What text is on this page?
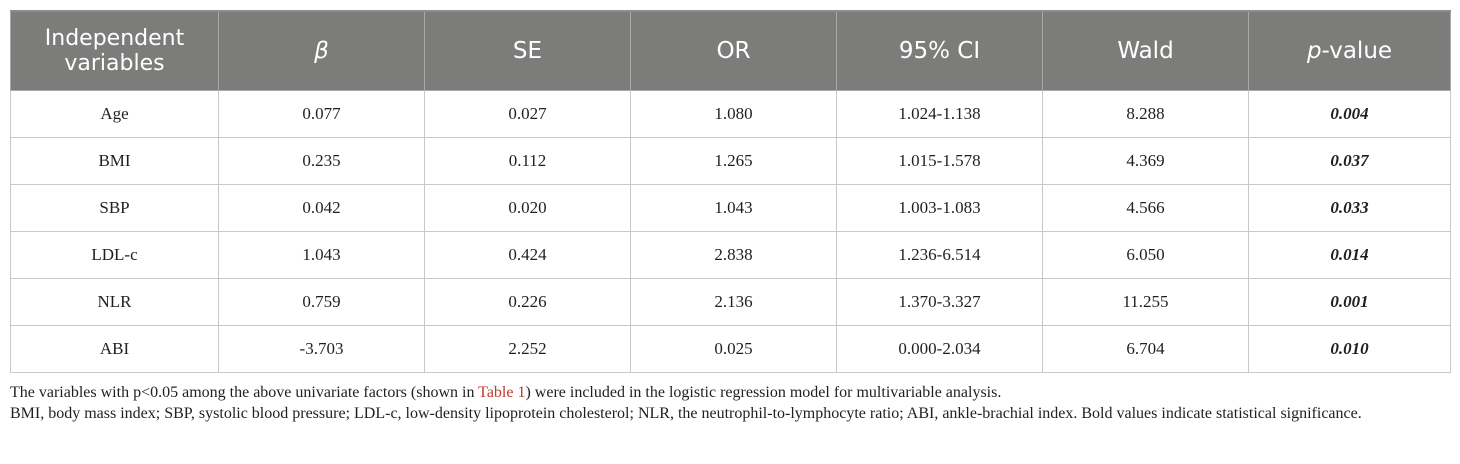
Independent variables	β	SE	OR	95% CI	Wald	p-value
Age	0.077	0.027	1.080	1.024-1.138	8.288	0.004
BMI	0.235	0.112	1.265	1.015-1.578	4.369	0.037
SBP	0.042	0.020	1.043	1.003-1.083	4.566	0.033
LDL-c	1.043	0.424	2.838	1.236-6.514	6.050	0.014
NLR	0.759	0.226	2.136	1.370-3.327	11.255	0.001
ABI	-3.703	2.252	0.025	0.000-2.034	6.704	0.010

The variables with p<0.05 among the above univariate factors (shown in Table 1) were included in the logistic regression model for multivariable analysis.

BMI, body mass index; SBP, systolic blood pressure; LDL-c, low-density lipoprotein cholesterol; NLR, the neutrophil-to-lymphocyte ratio; ABI, ankle-brachial index. Bold values indicate statistical significance.
